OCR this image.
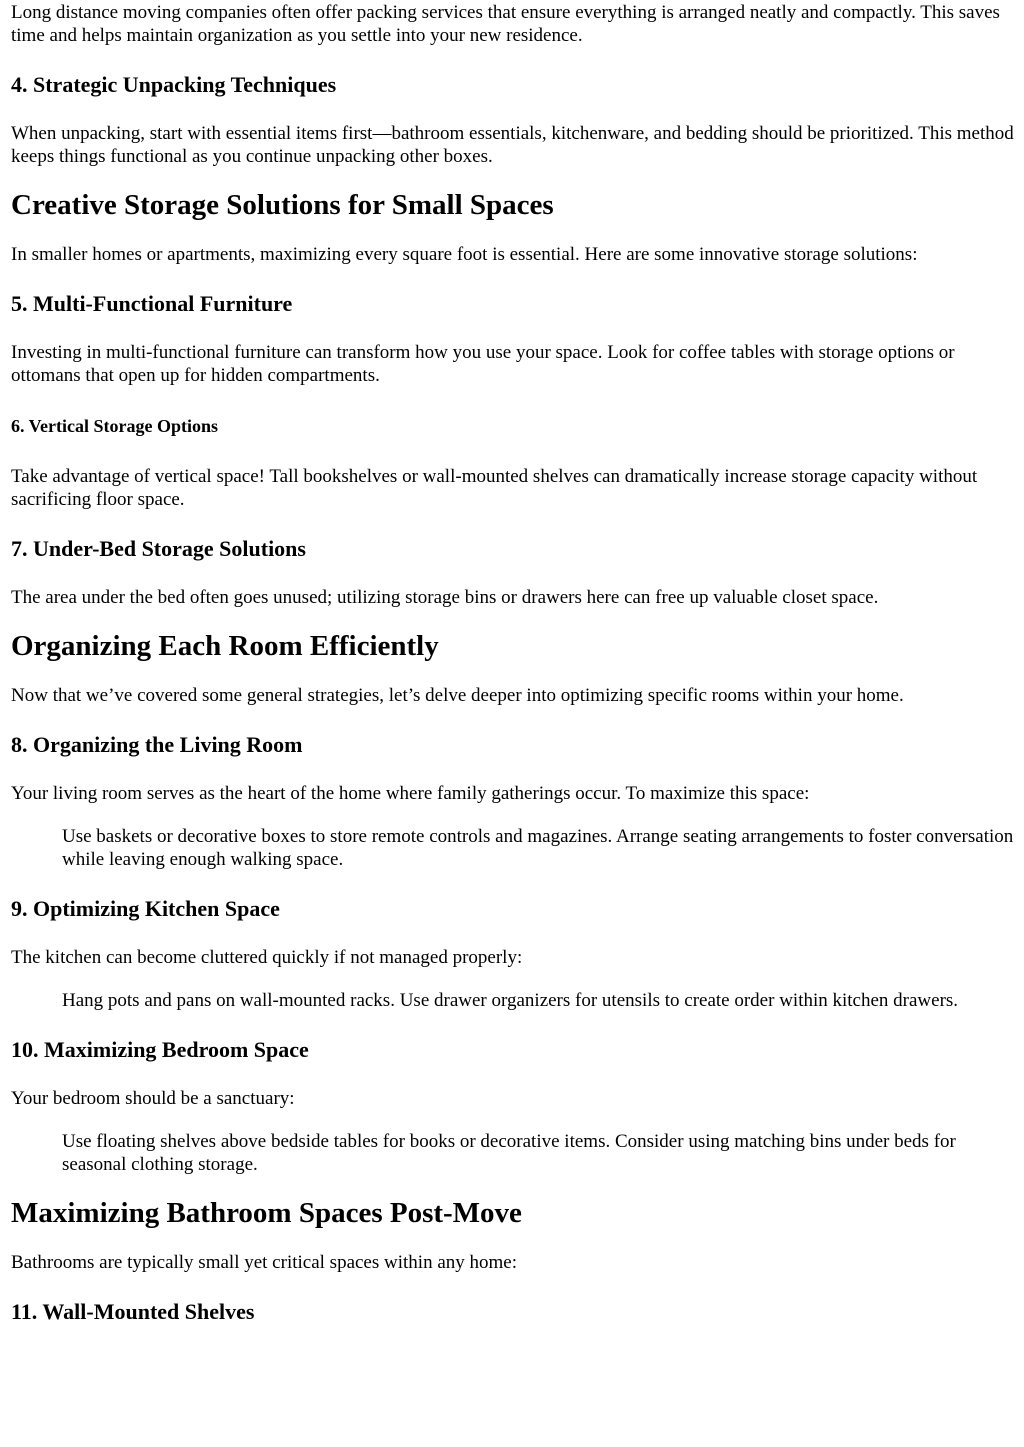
Long distance moving companies often offer packing services that ensure everything is arranged neatly and compactly. This saves time and helps maintain organization as you settle into your new residence.

4. Strategic Unpacking Techniques

When unpacking, start with essential items first—bathroom essentials, kitchenware, and bedding should be prioritized. This method keeps things functional as you continue unpacking other boxes.

Creative Storage Solutions for Small Spaces

In smaller homes or apartments, maximizing every square foot is essential. Here are some innovative storage solutions:

5. Multi-Functional Furniture

Investing in multi-functional furniture can transform how you use your space. Look for coffee tables with storage options or ottomans that open up for hidden compartments.

6. Vertical Storage Options

Take advantage of vertical space! Tall bookshelves or wall-mounted shelves can dramatically increase storage capacity without sacrificing floor space.

7. Under-Bed Storage Solutions

The area under the bed often goes unused; utilizing storage bins or drawers here can free up valuable closet space.

Organizing Each Room Efficiently

Now that we’ve covered some general strategies, let’s delve deeper into optimizing specific rooms within your home.

8. Organizing the Living Room

Your living room serves as the heart of the home where family gatherings occur. To maximize this space:

Use baskets or decorative boxes to store remote controls and magazines. Arrange seating arrangements to foster conversation while leaving enough walking space.
9. Optimizing Kitchen Space

The kitchen can become cluttered quickly if not managed properly:

Hang pots and pans on wall-mounted racks. Use drawer organizers for utensils to create order within kitchen drawers.
10. Maximizing Bedroom Space

Your bedroom should be a sanctuary:

Use floating shelves above bedside tables for books or decorative items. Consider using matching bins under beds for seasonal clothing storage.
Maximizing Bathroom Spaces Post-Move

Bathrooms are typically small yet critical spaces within any home:

11. Wall-Mounted Shelves
